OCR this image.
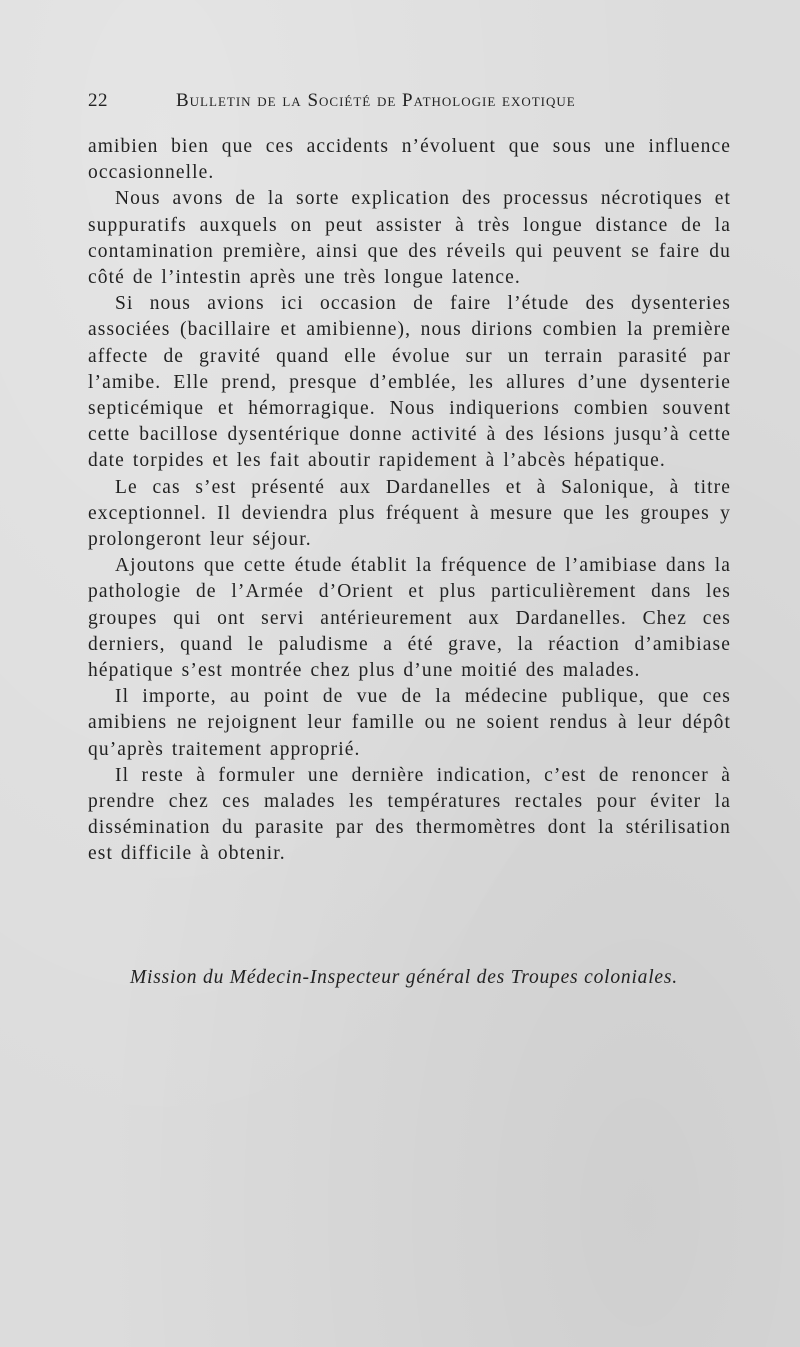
22	Bulletin de la Société de Pathologie exotique

amibien bien que ces accidents n’évoluent que sous une influence occasionnelle.

Nous avons de la sorte explication des processus nécrotiques et suppuratifs auxquels on peut assister à très longue distance de la contamination première, ainsi que des réveils qui peuvent se faire du côté de l’intestin après une très longue latence.

Si nous avions ici occasion de faire l’étude des dysenteries associées (bacillaire et amibienne), nous dirions combien la première affecte de gravité quand elle évolue sur un terrain parasité par l’amibe. Elle prend, presque d’emblée, les allures d’une dysenterie septicémique et hémorragique. Nous indiquerions combien souvent cette bacillose dysentérique donne activité à des lésions jusqu’à cette date torpides et les fait aboutir rapidement à l’abcès hépatique.

Le cas s’est présenté aux Dardanelles et à Salonique, à titre exceptionnel. Il deviendra plus fréquent à mesure que les groupes y prolongeront leur séjour.

Ajoutons que cette étude établit la fréquence de l’amibiase dans la pathologie de l’Armée d’Orient et plus particulièrement dans les groupes qui ont servi antérieurement aux Dardanelles. Chez ces derniers, quand le paludisme a été grave, la réaction d’amibiase hépatique s’est montrée chez plus d’une moitié des malades.

Il importe, au point de vue de la médecine publique, que ces amibiens ne rejoignent leur famille ou ne soient rendus à leur dépôt qu’après traitement approprié.

Il reste à formuler une dernière indication, c’est de renoncer à prendre chez ces malades les températures rectales pour éviter la dissémination du parasite par des thermomètres dont la stérilisation est difficile à obtenir.

Mission du Médecin-Inspecteur général des Troupes coloniales.
